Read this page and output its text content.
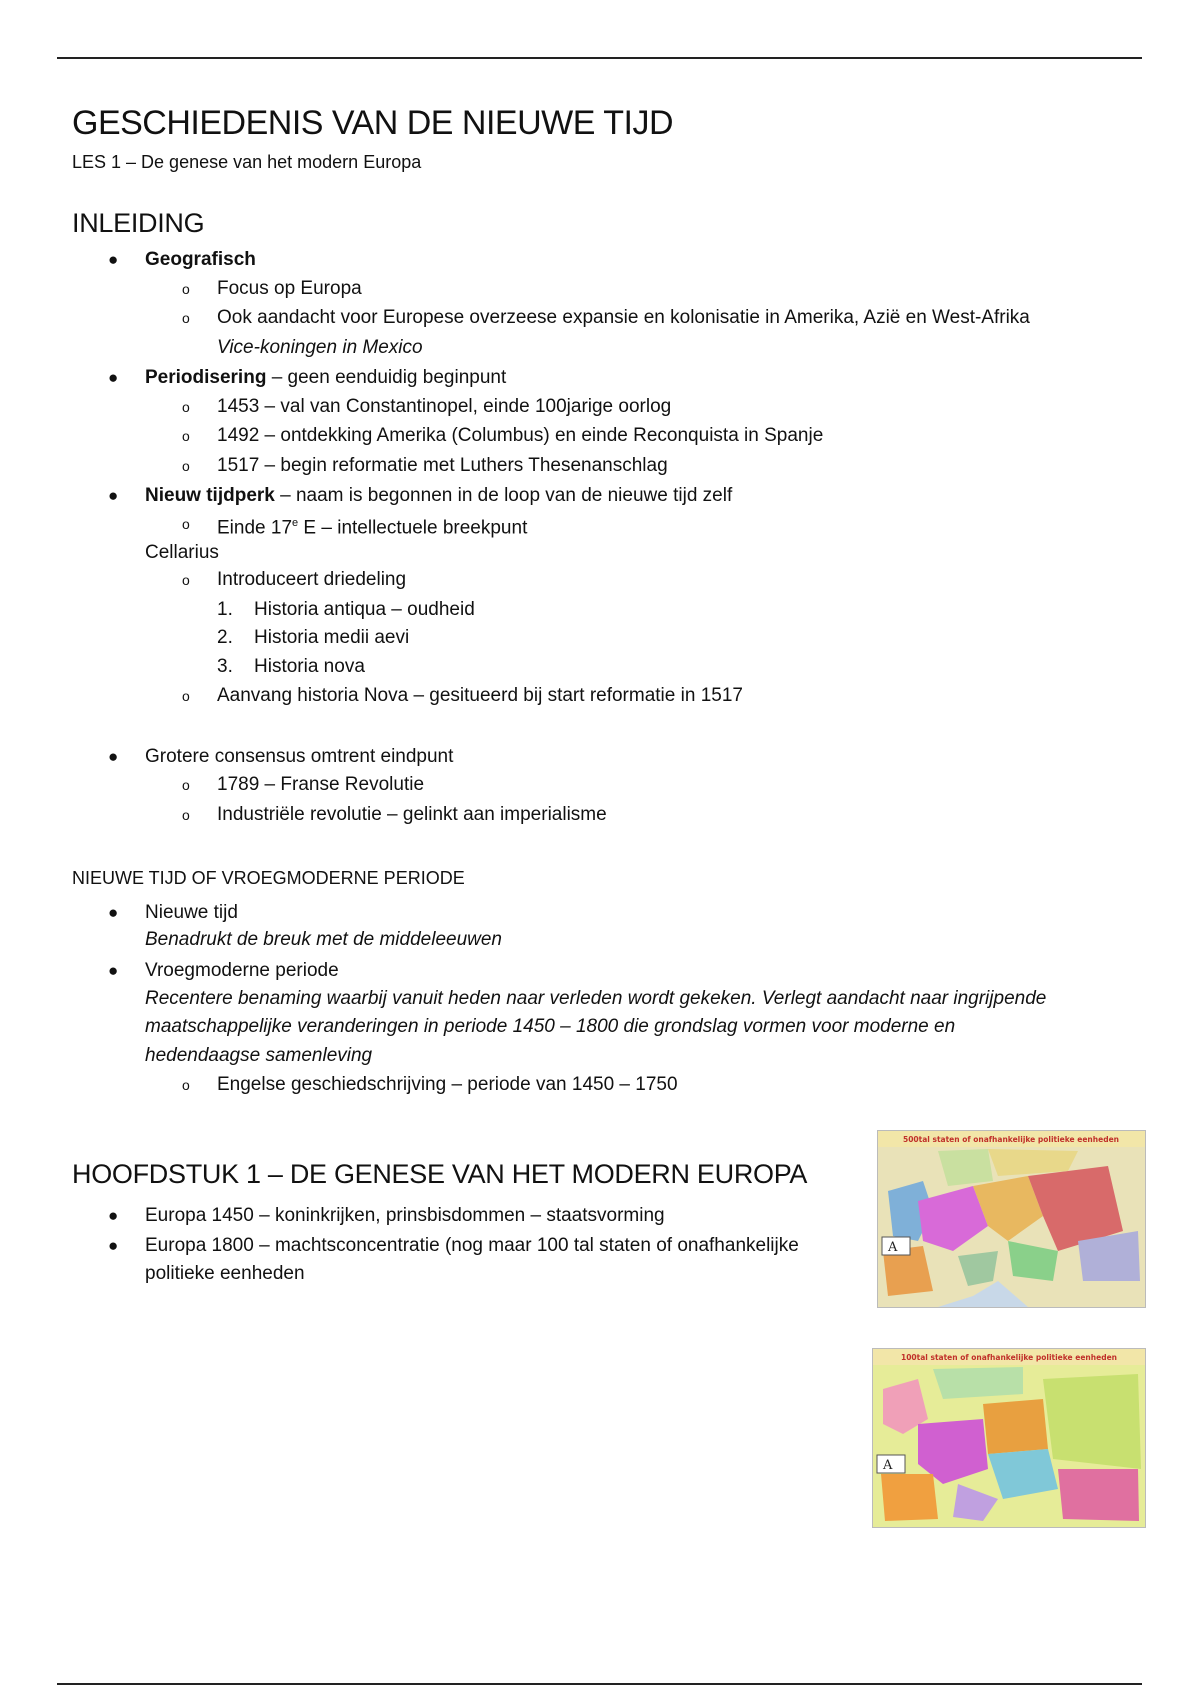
GESCHIEDENIS VAN DE NIEUWE TIJD
LES 1 – De genese van het modern Europa
INLEIDING
● Geografisch
o Focus op Europa
o Ook aandacht voor Europese overzeese expansie en kolonisatie in Amerika, Azië en West-Afrika
Vice-koningen in Mexico
● Periodisering – geen eenduidig beginpunt
o 1453 – val van Constantinopel, einde 100jarige oorlog
o 1492 – ontdekking Amerika (Columbus) en einde Reconquista in Spanje
o 1517 – begin reformatie met Luthers Thesenanschlag
● Nieuw tijdperk – naam is begonnen in de loop van de nieuwe tijd zelf
o Einde 17e E – intellectuele breekpunt
Cellarius
o Introduceert driedeling
1. Historia antiqua – oudheid
2. Historia medii aevi
3. Historia nova
o Aanvang historia Nova – gesitueerd bij start reformatie in 1517
● Grotere consensus omtrent eindpunt
o 1789 – Franse Revolutie
o Industriële revolutie – gelinkt aan imperialisme
NIEUWE TIJD OF VROEGMODERNE PERIODE
● Nieuwe tijd
Benadrukt de breuk met de middeleeuwen
● Vroegmoderne periode
Recentere benaming waarbij vanuit heden naar verleden wordt gekeken. Verlegt aandacht naar ingrijpende
maatschappelijke veranderingen in periode 1450 – 1800 die grondslag vormen voor moderne en
hedendaagse samenleving
o Engelse geschiedschrijving – periode van 1450 – 1750
HOOFDSTUK 1 – DE GENESE VAN HET MODERN EUROPA
● Europa 1450 – koninkrijken, prinsbisdommen – staatsvorming
● Europa 1800 – machtsconcentratie (nog maar 100 tal staten of onafhankelijke
politieke eenheden
A
500tal staten of onafhankelijke politieke eenheden
A
100tal staten of onafhankelijke politieke eenheden
